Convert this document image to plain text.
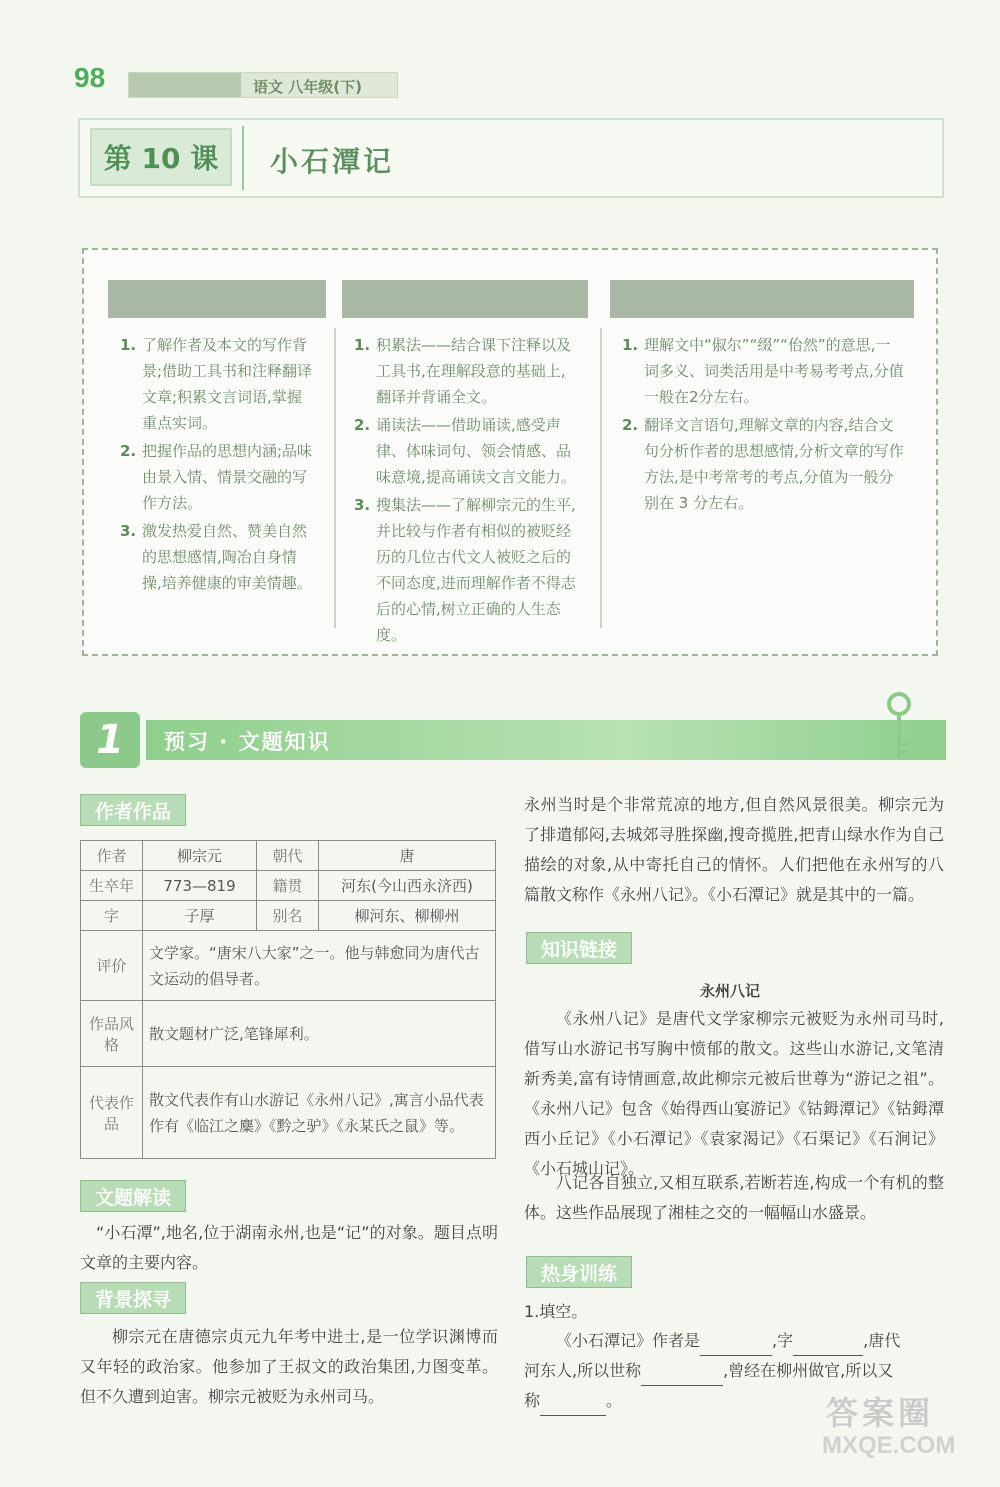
98	语文 八年级(下)
第 10 课	小石潭记
1. 了解作者及本文的写作背景;借助工具书和注释翻译文章;积累文言词语,掌握重点实词。
2. 把握作品的思想内涵;品味由景入情、情景交融的写作方法。
3. 激发热爱自然、赞美自然的思想感情,陶冶自身情操,培养健康的审美情趣。
1. 积累法——结合课下注释以及工具书,在理解段意的基础上,翻译并背诵全文。
2. 诵读法——借助诵读,感受声律、体味词句、领会情感、品味意境,提高诵读文言文能力。
3. 搜集法——了解柳宗元的生平,并比较与作者有相似的被贬经历的几位古代文人被贬之后的不同态度,进而理解作者不得志后的心情,树立正确的人生态度。
1. 理解文中“俶尔”“缀”“佁然”的意思,一词多义、词类活用是中考易考考点,分值一般在2分左右。
2. 翻译文言语句,理解文章的内容,结合文句分析作者的思想感情,分析文章的写作方法,是中考常考的考点,分值为一般分别在 3 分左右。
1	预习 · 文题知识
作者作品
作者	柳宗元	朝代	唐
生卒年	773—819	籍贯	河东(今山西永济西)
字	子厚	别名	柳河东、柳柳州
评价	文学家。“唐宋八大家”之一。他与韩愈同为唐代古文运动的倡导者。		
作品风格	散文题材广泛,笔锋犀利。		
代表作品	散文代表作有山水游记《永州八记》,寓言小品代表作有《临江之麋》《黔之驴》《永某氏之鼠》等。		
文题解读
“小石潭”,地名,位于湖南永州,也是“记”的对象。题目点明文章的主要内容。
背景探寻
柳宗元在唐德宗贞元九年考中进士,是一位学识渊博而又年轻的政治家。他参加了王叔文的政治集团,力图变革。但不久遭到迫害。柳宗元被贬为永州司马。
永州当时是个非常荒凉的地方,但自然风景很美。柳宗元为了排遣郁闷,去城郊寻胜探幽,搜奇揽胜,把青山绿水作为自己描绘的对象,从中寄托自己的情怀。人们把他在永州写的八篇散文称作《永州八记》。《小石潭记》就是其中的一篇。
知识链接
永州八记
《永州八记》是唐代文学家柳宗元被贬为永州司马时,借写山水游记书写胸中愤郁的散文。这些山水游记,文笔清新秀美,富有诗情画意,故此柳宗元被后世尊为“游记之祖”。《永州八记》包含《始得西山宴游记》《钴鉧潭记》《钴鉧潭西小丘记》《小石潭记》《袁家渴记》《石渠记》《石涧记》《小石城山记》。
八记各自独立,又相互联系,若断若连,构成一个有机的整体。这些作品展现了湘桂之交的一幅幅山水盛景。
热身训练
1.填空。
《小石潭记》作者是	,字	,唐代
河东人,所以世称	,曾经在柳州做官,所以又
称	。	答案圈
MXQE.COM
